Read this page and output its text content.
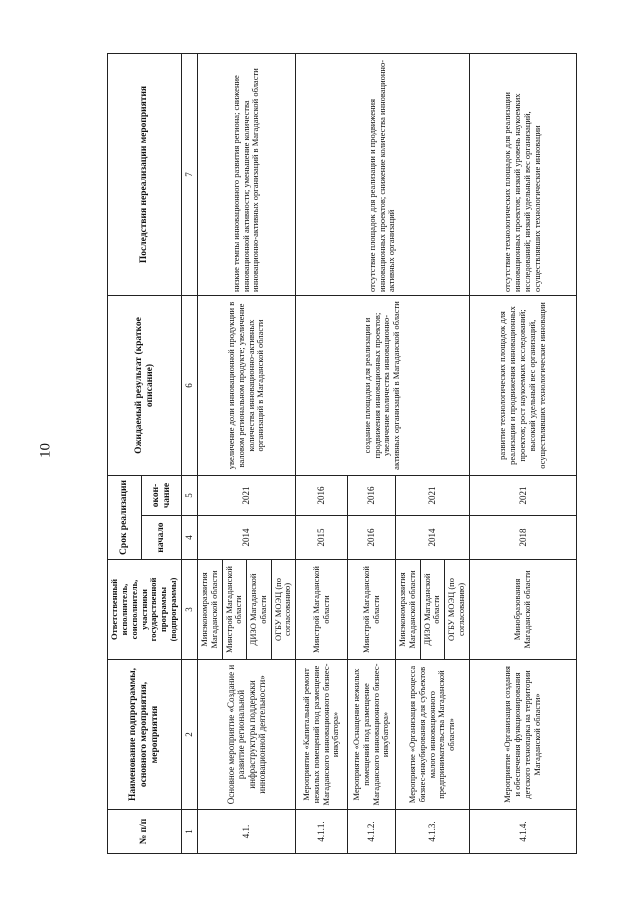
10
№ п/п	Наименование подпрограммы, основного мероприятия, мероприятия	Ответственный исполнитель, соисполнитель, участники государственной программы (подпрограммы)	Срок реализации		Ожидаемый результат (краткое описание)	Последствия нереализации мероприятия
			начало	окон-чание		
1	2	3	4	5	6	7
4.1.	Основное мероприятие «Создание и развитие региональной инфраструктуры поддержки инновационной деятельности»	Минэкономразвития Магаданской области	2014	2021	увеличение доли инновационной продукции в валовом региональном продукте; увеличение количества инновационно-активных организаций в Магаданской области	низкие темпы инновационного развития региона; снижение инновационной активности; уменьшение количества инновационно-активных организаций в Магаданской области
		Минстрой Магаданской области				
		ДИЗО Магаданской области				
		ОГБУ МОЭЦ (по согласованию)				
4.1.1.	Мероприятие «Капитальный ремонт нежилых помещений под размещение Магаданского инновационного бизнес-инкубатора»	Минстрой Магаданской области	2015	2016	создание площадки для реализации и продвижения инновационных проектов; увеличение количества инновационно-активных организаций в Магаданской области	отсутствие площадок для реализации и продвижения инновационных проектов; снижение количества инновационно-активных организаций
4.1.2.	Мероприятие «Оснащение нежилых помещений под размещение Магаданского инновационного бизнес-инкубатора»	Минстрой Магаданской области	2016	2016		
4.1.3.	Мероприятие «Организация процесса бизнес-инкубирования для субъектов малого инновационного предпринимательства Магаданской области»	Минэкономразвития Магаданской области	2014	2021		
		ДИЗО Магаданской области				
		ОГБУ МОЭЦ (по согласованию)				
4.1.4.	Мероприятие «Организация создания и обеспечения функционирования детского технопарка на территории Магаданской области»	Минобразования Магаданской области	2018	2021	развитие технологических площадок для реализации и продвижения инновационных проектов; рост наукоемких исследований; высокий удельный вес организаций, осуществлявших технологические инновации	отсутствие технологических площадок для реализации инновационных проектов; низкий уровень наукоемких исследований; низкий удельный вес организаций, осуществлявших технологические инновации
